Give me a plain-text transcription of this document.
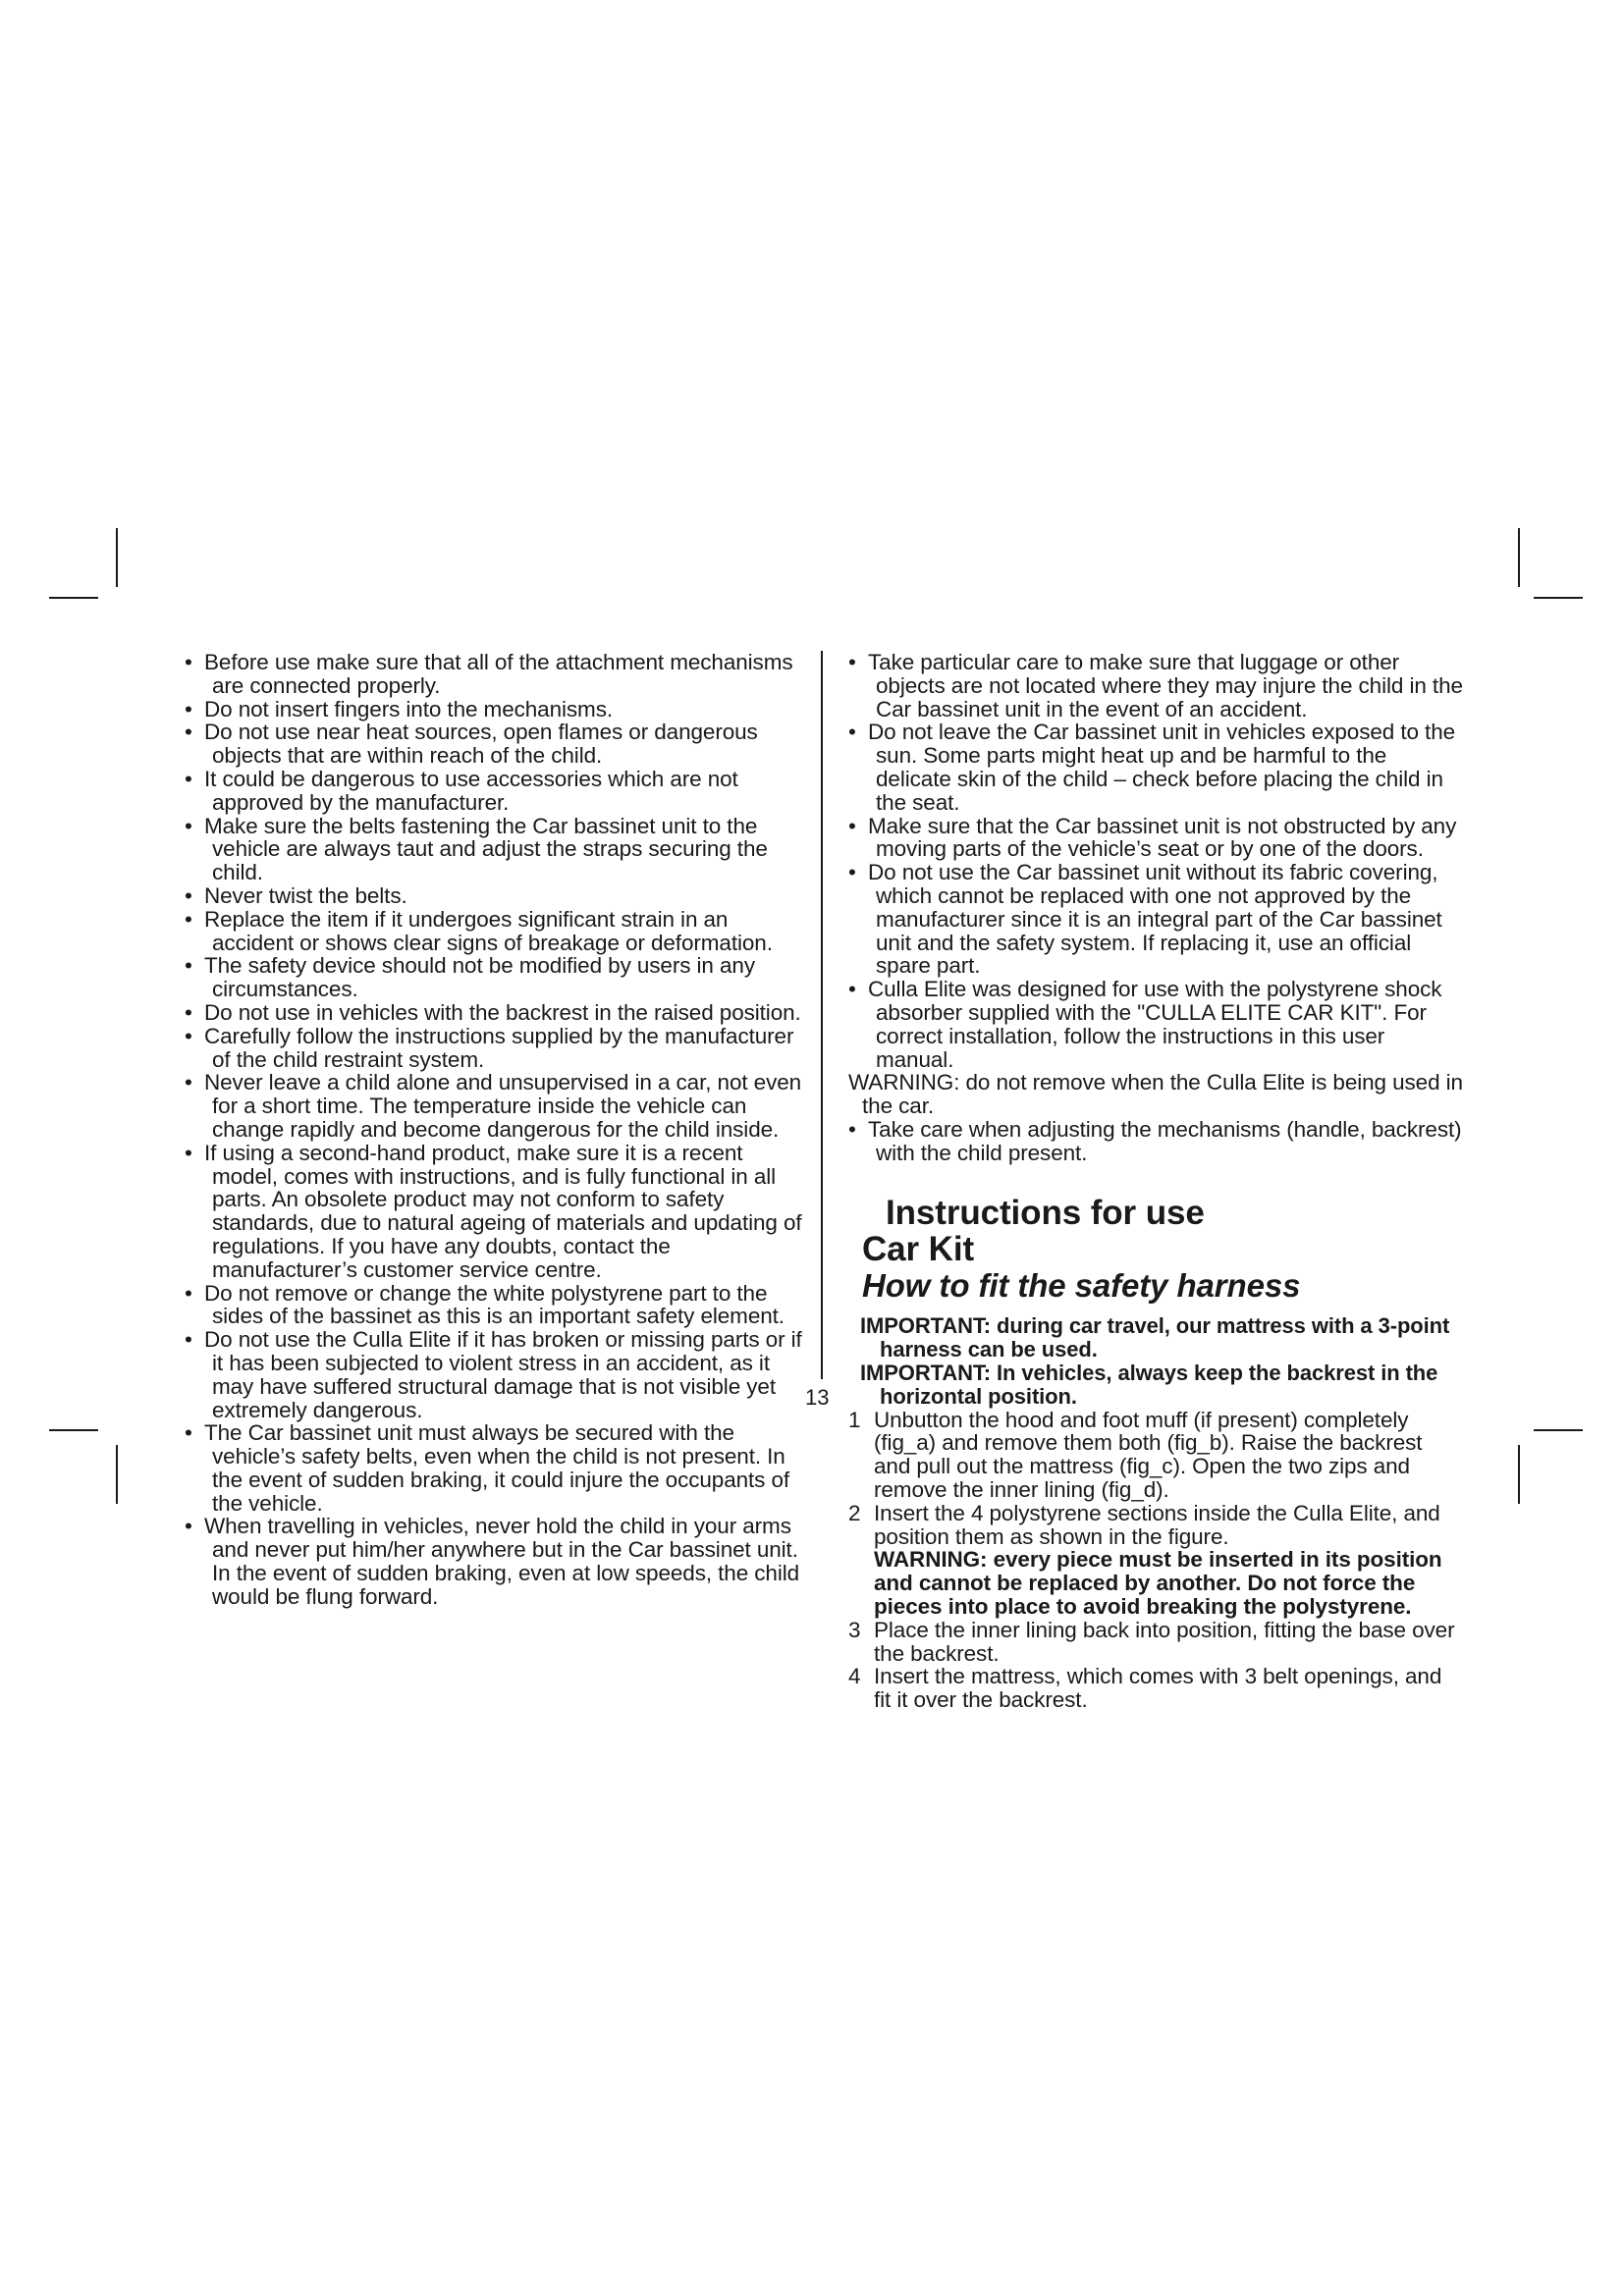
• Before use make sure that all of the attachment mechanisms are connected properly.

• Do not insert fingers into the mechanisms.

• Do not use near heat sources, open flames or dangerous objects that are within reach of the child.

• It could be dangerous to use accessories which are not approved by the manufacturer.

• Make sure the belts fastening the Car bassinet unit to the vehicle are always taut and adjust the straps securing the child.

• Never twist the belts.

• Replace the item if it undergoes significant strain in an accident or shows clear signs of breakage or deformation.

• The safety device should not be modified by users in any circumstances.

• Do not use in vehicles with the backrest in the raised position.

• Carefully follow the instructions supplied by the manufacturer of the child restraint system.

• Never leave a child alone and unsupervised in a car, not even for a short time. The temperature inside the vehicle can change rapidly and become dangerous for the child inside.

• If using a second-hand product, make sure it is a recent model, comes with instructions, and is fully functional in all parts. An obsolete product may not conform to safety standards, due to natural ageing of materials and updating of regulations. If you have any doubts, contact the manufacturer’s customer service centre.

• Do not remove or change the white polystyrene part to the sides of the bassinet as this is an important safety element.

• Do not use the Culla Elite if it has broken or missing parts or if it has been subjected to violent stress in an accident, as it may have suffered structural damage that is not visible yet extremely dangerous.

• The Car bassinet unit must always be secured with the vehicle’s safety belts, even when the child is not present. In the event of sudden braking, it could injure the occupants of the vehicle.

• When travelling in vehicles, never hold the child in your arms and never put him/her anywhere but in the Car bassinet unit. In the event of sudden braking, even at low speeds, the child would be flung forward.

13

• Take particular care to make sure that luggage or other objects are not located where they may injure the child in the Car bassinet unit in the event of an accident.

• Do not leave the Car bassinet unit in vehicles exposed to the sun. Some parts might heat up and be harmful to the delicate skin of the child – check before placing the child in the seat.

• Make sure that the Car bassinet unit is not obstructed by any moving parts of the vehicle’s seat or by one of the doors.

• Do not use the Car bassinet unit without its fabric covering, which cannot be replaced with one not approved by the manufacturer since it is an integral part of the Car bassinet unit and the safety system. If replacing it, use an official spare part.

• Culla Elite was designed for use with the polystyrene shock absorber supplied with the "CULLA ELITE CAR KIT". For correct installation, follow the instructions in this user manual.

WARNING: do not remove when the Culla Elite is being used in the car.

• Take care when adjusting the mechanisms (handle, backrest) with the child present.

Instructions for use
Car Kit
How to fit the safety harness

IMPORTANT: during car travel, our mattress with a 3-point harness can be used.

IMPORTANT: In vehicles, always keep the backrest in the horizontal position.

1 Unbutton the hood and foot muff (if present) completely (fig_a) and remove them both (fig_b). Raise the backrest and pull out the mattress (fig_c). Open the two zips and remove the inner lining (fig_d).

2 Insert the 4 polystyrene sections inside the Culla Elite, and position them as shown in the figure.

WARNING: every piece must be inserted in its position and cannot be replaced by another. Do not force the pieces into place to avoid breaking the polystyrene.

3 Place the inner lining back into position, fitting the base over the backrest.

4 Insert the mattress, which comes with 3 belt openings, and fit it over the backrest.
